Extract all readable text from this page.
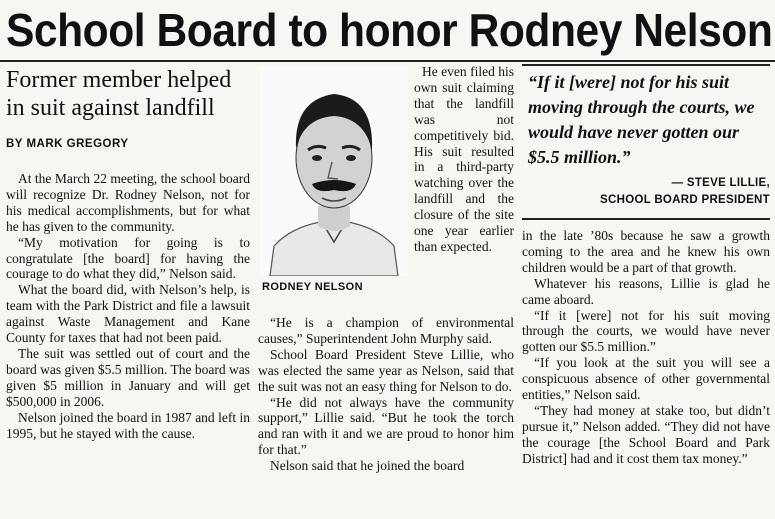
School Board to honor Rodney Nelson
Former member helped in suit against landfill
BY MARK GREGORY

At the March 22 meeting, the school board will recognize Dr. Rodney Nelson, not for his medical accomplishments, but for what he has given to the community.

“My motivation for going is to congratulate [the board] for having the courage to do what they did,” Nelson said.

What the board did, with Nelson’s help, is team with the Park District and file a lawsuit against Waste Management and Kane County for taxes that had not been paid.

The suit was settled out of court and the board was given $5.5 million. The board was given $5 million in January and will get $500,000 in 2006.

Nelson joined the board in 1987 and left in 1995, but he stayed with the cause.

RODNEY NELSON

He even filed his own suit claiming that the landfill was not competitively bid. His suit resulted in a third-party watching over the landfill and the closure of the site one year earlier than expected.

“He is a champion of environmental causes,” Superintendent John Murphy said.

School Board President Steve Lillie, who was elected the same year as Nelson, said that the suit was not an easy thing for Nelson to do.

“He did not always have the community support,” Lillie said. “But he took the torch and ran with it and we are proud to honor him for that.”

Nelson said that he joined the board

“If it [were] not for his suit moving through the courts, we would have never gotten our $5.5 million.”
— STEVE LILLIE,
SCHOOL BOARD PRESIDENT

in the late ’80s because he saw a growth coming to the area and he knew his own children would be a part of that growth.

Whatever his reasons, Lillie is glad he came aboard.

“If it [were] not for his suit moving through the courts, we would have never gotten our $5.5 million.”

“If you look at the suit you will see a conspicuous absence of other governmental entities,” Nelson said.

“They had money at stake too, but didn’t pursue it,” Nelson added. “They did not have the courage [the School Board and Park District] had and it cost them tax money.”
